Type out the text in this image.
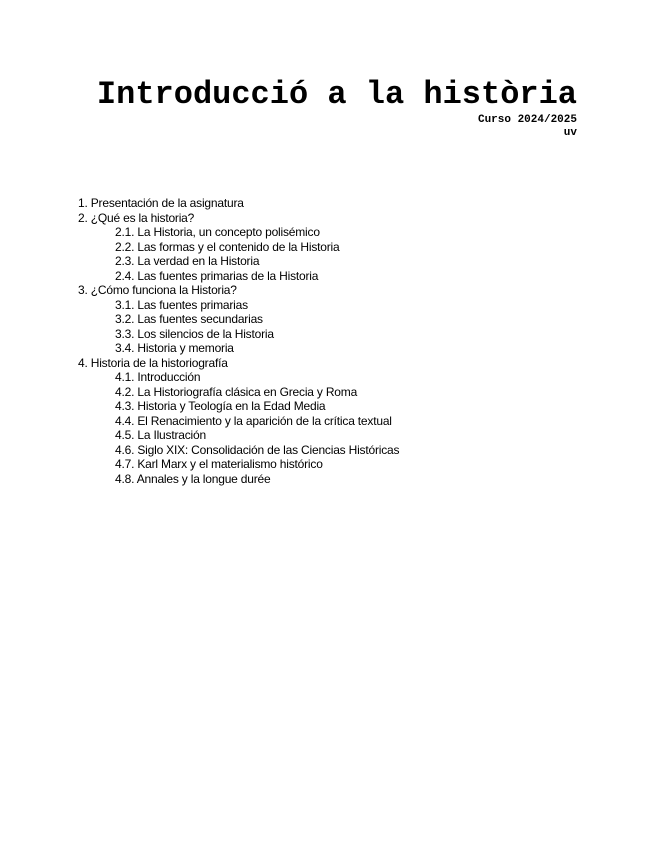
Introducció a la història
Curso 2024/2025
uv
1. Presentación de la asignatura
2. ¿Qué es la historia?
2.1. La Historia, un concepto polisémico
2.2. Las formas y el contenido de la Historia
2.3. La verdad en la Historia
2.4. Las fuentes primarias de la Historia
3. ¿Cómo funciona la Historia?
3.1. Las fuentes primarias
3.2. Las fuentes secundarias
3.3. Los silencios de la Historia
3.4. Historia y memoria
4. Historia de la historiografía
4.1. Introducción
4.2. La Historiografía clásica en Grecia y Roma
4.3. Historia y Teología en la Edad Media
4.4. El Renacimiento y la aparición de la crítica textual
4.5. La Ilustración
4.6. Siglo XIX: Consolidación de las Ciencias Históricas
4.7. Karl Marx y el materialismo histórico
4.8. Annales y la longue durée
